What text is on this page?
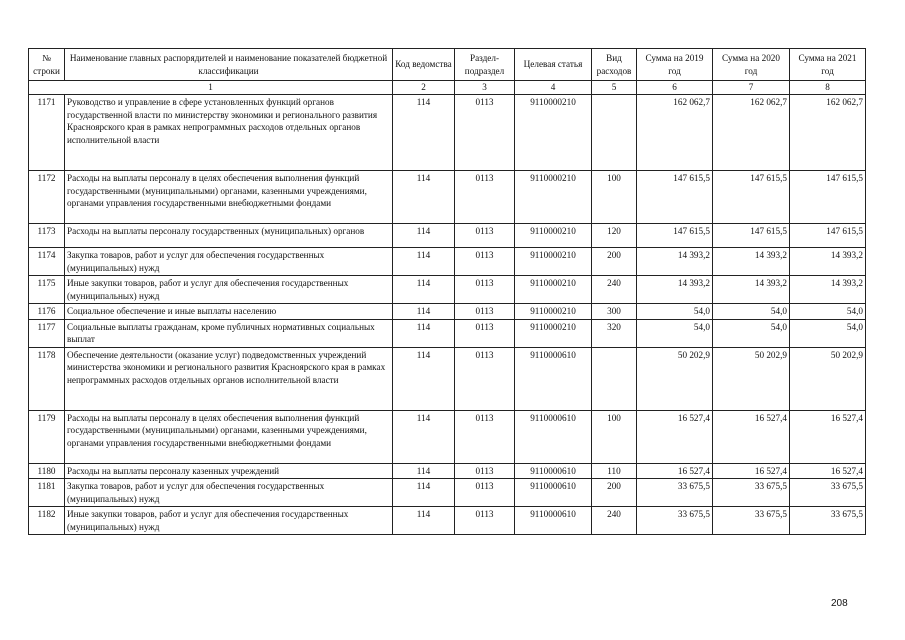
№ строки	Наименование главных распорядителей и наименование показателей бюджетной классификации	Код ведомства	Раздел-подраздел	Целевая статья	Вид расходов	Сумма на 2019 год	Сумма на 2020 год	Сумма на 2021 год
1		2	3	4	5	6	7	8
1171	Руководство и управление в сфере установленных функций органов государственной власти по министерству экономики и регионального развития Красноярского края в рамках непрограммных расходов отдельных органов исполнительной власти	114	0113	9110000210		162 062,7	162 062,7	162 062,7
1172	Расходы на выплаты персоналу в целях обеспечения выполнения функций государственными (муниципальными) органами, казенными учреждениями, органами управления государственными внебюджетными фондами	114	0113	9110000210	100	147 615,5	147 615,5	147 615,5
1173	Расходы на выплаты персоналу государственных (муниципальных) органов	114	0113	9110000210	120	147 615,5	147 615,5	147 615,5
1174	Закупка товаров, работ и услуг для обеспечения государственных (муниципальных) нужд	114	0113	9110000210	200	14 393,2	14 393,2	14 393,2
1175	Иные закупки товаров, работ и услуг для обеспечения государственных (муниципальных) нужд	114	0113	9110000210	240	14 393,2	14 393,2	14 393,2
1176	Социальное обеспечение и иные выплаты населению	114	0113	9110000210	300	54,0	54,0	54,0
1177	Социальные выплаты гражданам, кроме публичных нормативных социальных выплат	114	0113	9110000210	320	54,0	54,0	54,0
1178	Обеспечение деятельности (оказание услуг) подведомственных учреждений министерства экономики и регионального развития Красноярского края в рамках непрограммных расходов отдельных органов исполнительной власти	114	0113	9110000610		50 202,9	50 202,9	50 202,9
1179	Расходы на выплаты персоналу в целях обеспечения выполнения функций государственными (муниципальными) органами, казенными учреждениями, органами управления государственными внебюджетными фондами	114	0113	9110000610	100	16 527,4	16 527,4	16 527,4
1180	Расходы на выплаты персоналу казенных учреждений	114	0113	9110000610	110	16 527,4	16 527,4	16 527,4
1181	Закупка товаров, работ и услуг для обеспечения государственных (муниципальных) нужд	114	0113	9110000610	200	33 675,5	33 675,5	33 675,5
1182	Иные закупки товаров, работ и услуг для обеспечения государственных (муниципальных) нужд	114	0113	9110000610	240	33 675,5	33 675,5	33 675,5
208
